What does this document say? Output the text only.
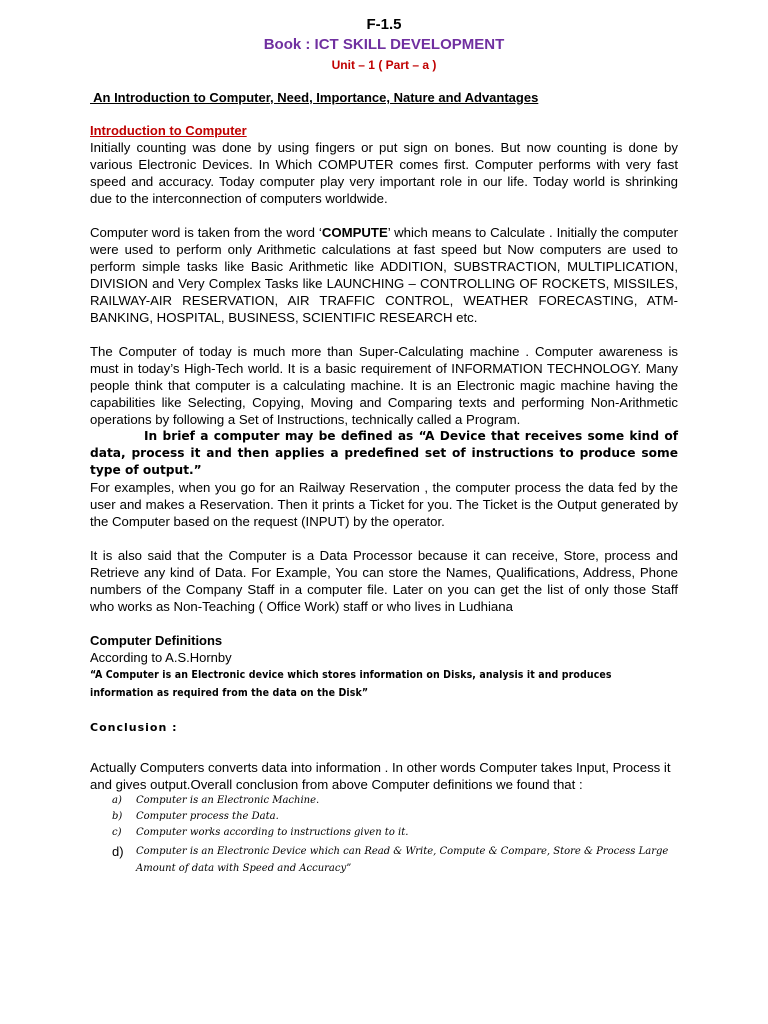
F-1.5

Book : ICT SKILL DEVELOPMENT

Unit – 1 ( Part – a )

An Introduction to Computer, Need, Importance, Nature and Advantages

Introduction to Computer

Initially counting was done by using fingers or put sign on bones. But now counting is done by various Electronic Devices. In Which COMPUTER comes first. Computer performs with very fast speed and accuracy. Today computer play very important role in our life. Today world is shrinking due to the interconnection of computers worldwide.

Computer word is taken from the word ‘COMPUTE’ which means to Calculate . Initially the computer were used to perform only Arithmetic calculations at fast speed but Now computers are used to perform simple tasks like Basic Arithmetic like ADDITION, SUBSTRACTION, MULTIPLICATION, DIVISION and Very Complex Tasks like LAUNCHING – CONTROLLING OF ROCKETS, MISSILES, RAILWAY-AIR RESERVATION, AIR TRAFFIC CONTROL, WEATHER FORECASTING, ATM-BANKING, HOSPITAL, BUSINESS, SCIENTIFIC RESEARCH etc.

The Computer of today is much more than Super-Calculating machine . Computer awareness is must in today’s High-Tech world. It is a basic requirement of INFORMATION TECHNOLOGY. Many people think that computer is a calculating machine. It is an Electronic magic machine having the capabilities like Selecting, Copying, Moving and Comparing texts and performing Non-Arithmetic operations by following a Set of Instructions, technically called a Program.

In brief a computer may be defined as “A Device that receives some kind of data, process it and then applies a predefined set of instructions to produce some type of output.”

For examples, when you go for an Railway Reservation , the computer process the data fed by the user and makes a Reservation. Then it prints a Ticket for you. The Ticket is the Output generated by the Computer based on the request (INPUT) by the operator.

It is also said that the Computer is a Data Processor because it can receive, Store, process and Retrieve any kind of Data. For Example, You can store the Names, Qualifications, Address, Phone numbers of the Company Staff in a computer file. Later on you can get the list of only those Staff who works as Non-Teaching ( Office Work) staff or who lives in Ludhiana

Computer Definitions

According to A.S.Hornby

“A Computer is an Electronic device which stores information on Disks, analysis it and produces information as required from the data on the Disk”

Conclusion :

Actually Computers converts data into information . In other words Computer takes Input, Process it and gives output.Overall conclusion from above Computer definitions we found that :

a) Computer is an Electronic Machine.
b) Computer process the Data.
c) Computer works according to instructions given to it.
d) Computer is an Electronic Device which can Read & Write, Compute & Compare, Store & Process Large Amount of data with Speed and Accuracy”
